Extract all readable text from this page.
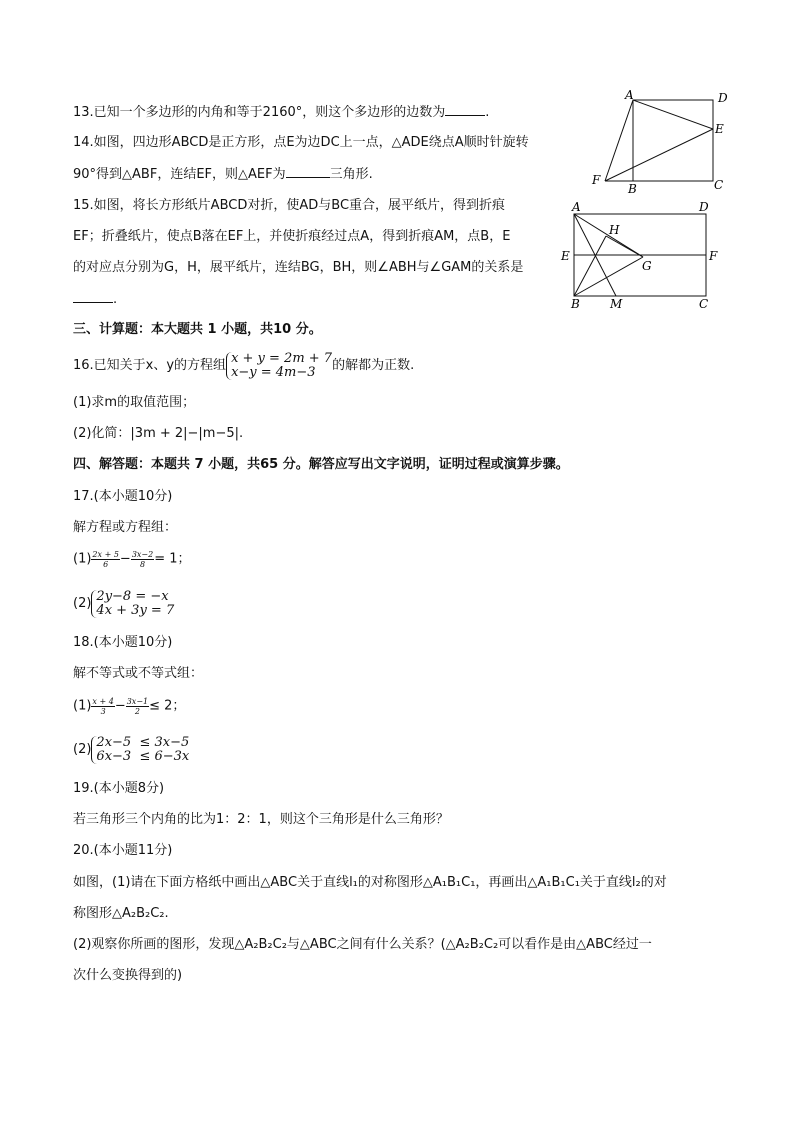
13.已知一个多边形的内角和等于2160°，则这个多边形的边数为	.
14.如图，四边形ABCD是正方形，点E为边DC上一点，△ADE绕点A顺时针旋转
90°得到△ABF，连结EF，则△AEF为	三角形.
15.如图，将长方形纸片ABCD对折，使AD与BC重合，展平纸片，得到折痕
EF；折叠纸片，使点B落在EF上，并使折痕经过点A，得到折痕AM，点B，E
的对应点分别为G，H，展平纸片，连结BG，BH，则∠ABH与∠GAM的关系是
.
三、计算题：本大题共 1 小题，共10 分。
16.已知关于x、y的方程组 x + y = 2m + 7
x−y = 4m−3	的解都为正数.
(1)求m的取值范围；
(2)化简：|3m + 2|−|m−5|.
四、解答题：本题共 7 小题，共65 分。解答应写出文字说明，证明过程或演算步骤。
17.(本小题10分)
解方程或方程组：
$(1) \frac{2x + 5}{6} - \frac{3x-2}{8} = 1$；
(2) 2y−8 = −x
4x + 3y = 7
18.(本小题10分)
解不等式或不等式组：
$(1) \frac{x + 4}{3} - \frac{3x-1}{2} \le 2$；
(2) 2x−5  ≤ 3x−5
6x−3  ≤ 6−3x
19.(本小题8分)
若三角形三个内角的比为1：2：1，则这个三角形是什么三角形？
20.(本小题11分)
如图，(1)请在下面方格纸中画出△ABC关于直线l₁的对称图形△A₁B₁C₁，再画出△A₁B₁C₁关于直线l₂的对
称图形△A₂B₂C₂.
(2)观察你所画的图形，发现△A₂B₂C₂与△ABC之间有什么关系？(△A₂B₂C₂可以看作是由△ABC经过一
次什么变换得到的)
A	D
E
F
B	C
A	D
H
E
G
F
B	M	C
